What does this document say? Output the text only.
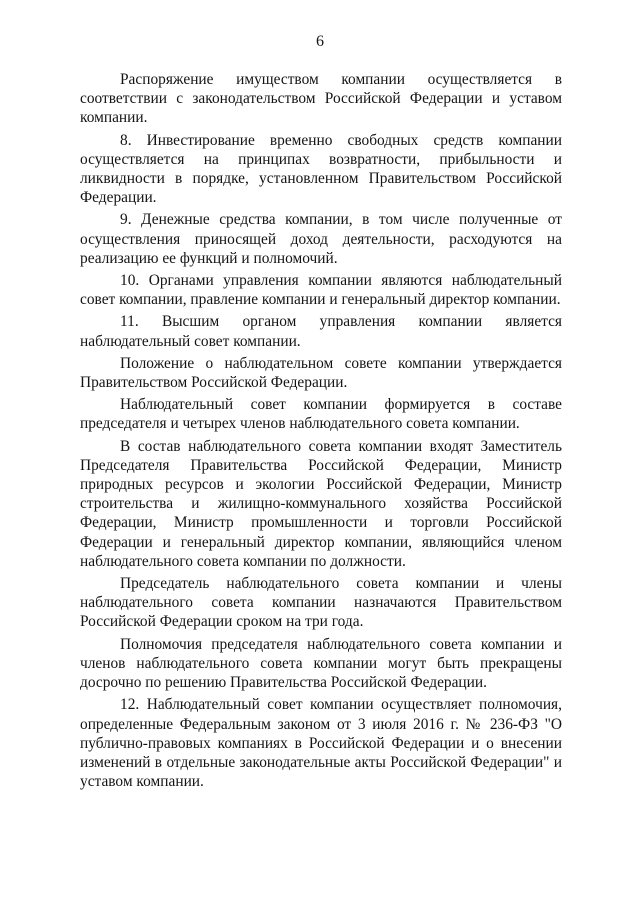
6

Распоряжение имуществом компании осуществляется в соответствии с законодательством Российской Федерации и уставом компании.

8. Инвестирование временно свободных средств компании осуществляется на принципах возвратности, прибыльности и ликвидности в порядке, установленном Правительством Российской Федерации.

9. Денежные средства компании, в том числе полученные от осуществления приносящей доход деятельности, расходуются на реализацию ее функций и полномочий.

10. Органами управления компании являются наблюдательный совет компании, правление компании и генеральный директор компании.

11. Высшим органом управления компании является наблюдательный совет компании.

Положение о наблюдательном совете компании утверждается Правительством Российской Федерации.

Наблюдательный совет компании формируется в составе председателя и четырех членов наблюдательного совета компании.

В состав наблюдательного совета компании входят Заместитель Председателя Правительства Российской Федерации, Министр природных ресурсов и экологии Российской Федерации, Министр строительства и жилищно-коммунального хозяйства Российской Федерации, Министр промышленности и торговли Российской Федерации и генеральный директор компании, являющийся членом наблюдательного совета компании по должности.

Председатель наблюдательного совета компании и члены наблюдательного совета компании назначаются Правительством Российской Федерации сроком на три года.

Полномочия председателя наблюдательного совета компании и членов наблюдательного совета компании могут быть прекращены досрочно по решению Правительства Российской Федерации.

12. Наблюдательный совет компании осуществляет полномочия, определенные Федеральным законом от 3 июля 2016 г. № 236-ФЗ "О публично-правовых компаниях в Российской Федерации и о внесении изменений в отдельные законодательные акты Российской Федерации" и уставом компании.
